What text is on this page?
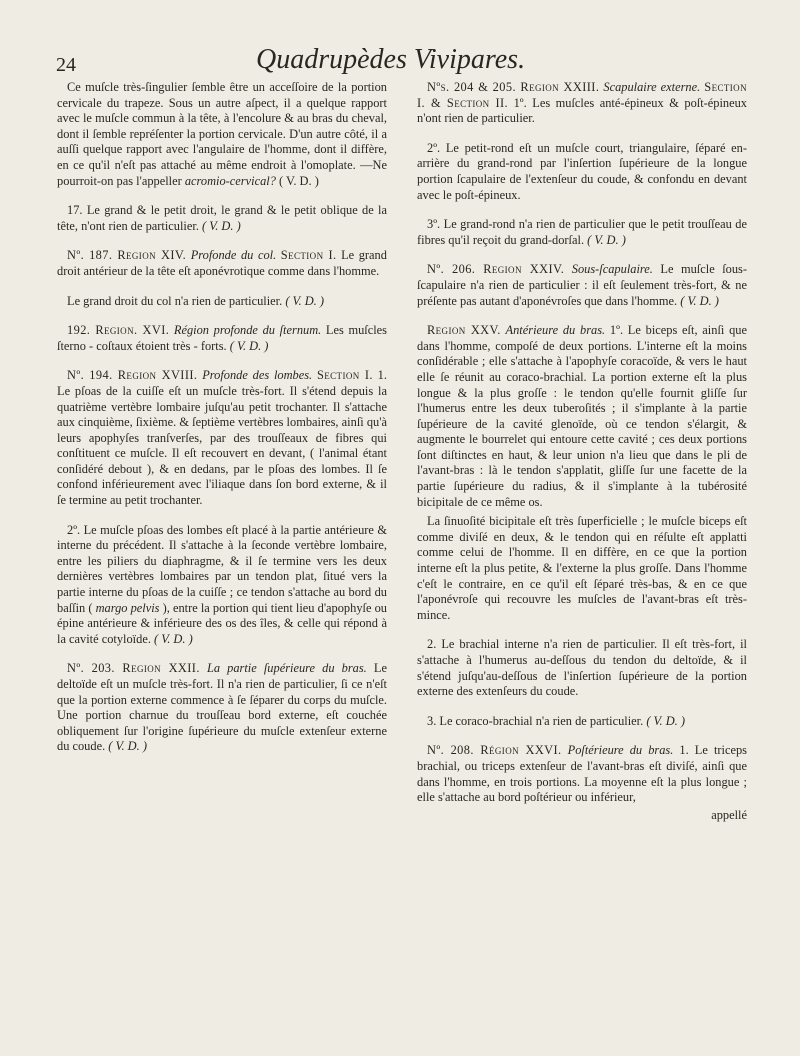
24	Quadrupèdes Vivipares.

Ce muſcle très-ſingulier ſemble être un acceſſoire de la portion cervicale du trapeze. Sous un autre aſpect, il a quelque rapport avec le muſcle commun à la tête, à l'encolure & au bras du cheval, dont il ſemble repréſenter la portion cervicale. D'un autre côté, il a auſſi quelque rapport avec l'angulaire de l'homme, dont il diffère, en ce qu'il n'eſt pas attaché au même endroit à l'omoplate. —Ne pourroit-on pas l'appeller acromio-cervical? ( V. D. )

17. Le grand & le petit droit, le grand & le petit oblique de la tête, n'ont rien de particulier. ( V. D. )

Nº. 187. Region XIV. Profonde du col. Section I. Le grand droit antérieur de la tête eſt aponévrotique comme dans l'homme.

Le grand droit du col n'a rien de particulier. ( V. D. )

192. Region. XVI. Région profonde du ſternum. Les muſcles ſterno - coſtaux étoient très - forts. ( V. D. )

Nº. 194. Region XVIII. Profonde des lombes. Section I. 1. Le pſoas de la cuiſſe eſt un muſcle très-fort. Il s'étend depuis la quatrième vertèbre lombaire juſqu'au petit trochanter. Il s'attache aux cinquième, ſixième. & ſeptième vertèbres lombaires, ainſi qu'à leurs apophyſes tranſverſes, par des trouſſeaux de fibres qui conſtituent ce muſcle. Il eſt recouvert en devant, ( l'animal étant conſidéré debout ), & en dedans, par le pſoas des lombes. Il ſe confond inférieurement avec l'iliaque dans ſon bord externe, & il ſe termine au petit trochanter.

2º. Le muſcle pſoas des lombes eſt placé à la partie antérieure & interne du précédent. Il s'attache à la ſeconde vertèbre lombaire, entre les piliers du diaphragme, & il ſe termine vers les deux dernières vertèbres lombaires par un tendon plat, ſitué vers la partie interne du pſoas de la cuiſſe ; ce tendon s'attache au bord du baſſin ( margo pelvis ), entre la portion qui tient lieu d'apophyſe ou épine antérieure & inférieure des os des îles, & celle qui répond à la cavité cotyloïde. ( V. D. )

Nº. 203. Region XXII. La partie ſupérieure du bras. Le deltoïde eſt un muſcle très-fort. Il n'a rien de particulier, ſi ce n'eſt que la portion externe commence à ſe ſéparer du corps du muſcle. Une portion charnue du trouſſeau bord externe, eſt couchée obliquement ſur l'origine ſupérieure du muſcle extenſeur externe du coude. ( V. D. )

Nºs. 204 & 205. Region XXIII. Scapulaire externe. Section I. & Section II. 1º. Les muſcles anté-épineux & poſt-épineux n'ont rien de particulier.

2º. Le petit-rond eſt un muſcle court, triangulaire, ſéparé en-arrière du grand-rond par l'inſertion ſupérieure de la longue portion ſcapulaire de l'extenſeur du coude, & confondu en devant avec le poſt-épineux.

3º. Le grand-rond n'a rien de particulier que le petit trouſſeau de fibres qu'il reçoit du grand-dorſal. ( V. D. )

Nº. 206. Region XXIV. Sous-ſcapulaire. Le muſcle ſous-ſcapulaire n'a rien de particulier : il eſt ſeulement très-fort, & ne préſente pas autant d'aponévroſes que dans l'homme. ( V. D. )

Region XXV. Antérieure du bras. 1º. Le biceps eſt, ainſi que dans l'homme, compoſé de deux portions. L'interne eſt la moins conſidérable ; elle s'attache à l'apophyſe coracoïde, & vers le haut elle ſe réunit au coraco-brachial. La portion externe eſt la plus longue & la plus groſſe : le tendon qu'elle fournit gliſſe ſur l'humerus entre les deux tuberoſités ; il s'implante à la partie ſupérieure de la cavité glenoïde, où ce tendon s'élargit, & augmente le bourrelet qui entoure cette cavité ; ces deux portions ſont diſtinctes en haut, & leur union n'a lieu que dans le pli de l'avant-bras : là le tendon s'applatit, gliſſe ſur une facette de la partie ſupérieure du radius, & il s'implante à la tubérosité bicipitale de ce même os.

La ſinuoſité bicipitale eſt très ſuperficielle ; le muſcle biceps eſt comme diviſé en deux, & le tendon qui en réſulte eſt applatti comme celui de l'homme. Il en diffère, en ce que la portion interne eſt la plus petite, & l'externe la plus groſſe. Dans l'homme c'eſt le contraire, en ce qu'il eſt ſéparé très-bas, & en ce que l'aponévroſe qui recouvre les muſcles de l'avant-bras eſt très-mince.

2. Le brachial interne n'a rien de particulier. Il eſt très-fort, il s'attache à l'humerus au-deſſous du tendon du deltoïde, & il s'étend juſqu'au-deſſous de l'inſertion ſupérieure de la portion externe des extenſeurs du coude.

3. Le coraco-brachial n'a rien de particulier. ( V. D. )

Nº. 208. Région XXVI. Poſtérieure du bras. 1. Le triceps brachial, ou triceps extenſeur de l'avant-bras eſt diviſé, ainſi que dans l'homme, en trois portions. La moyenne eſt la plus longue ; elle s'attache au bord poſtérieur ou inférieur,

appellé
